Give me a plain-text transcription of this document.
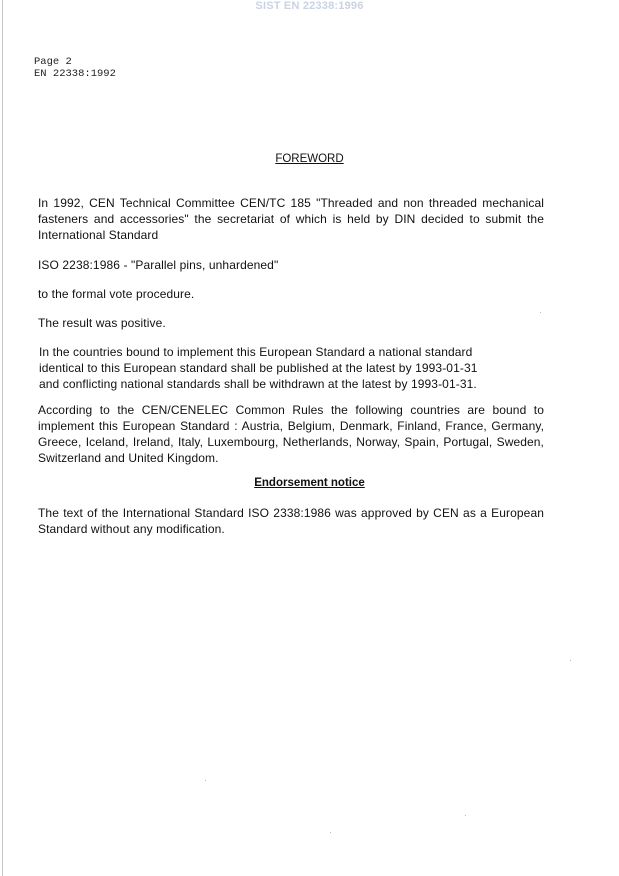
SIST EN 22338:1996
Page 2
EN 22338:1992
FOREWORD
In 1992, CEN Technical Committee CEN/TC 185 "Threaded and non threaded mechanical fasteners and accessories" the secretariat of which is held by DIN decided to submit the International Standard
ISO 2238:1986 - "Parallel pins, unhardened"
to the formal vote procedure.
The result was positive.
In the countries bound to implement this European Standard a national standard
identical to this European standard shall be published at the latest by 1993-01-31
and conflicting national standards shall be withdrawn at the latest by 1993-01-31.
According to the CEN/CENELEC Common Rules the following countries are bound to implement this European Standard : Austria, Belgium, Denmark, Finland, France, Germany, Greece, Iceland, Ireland, Italy, Luxembourg, Netherlands, Norway, Spain, Portugal, Sweden, Switzerland and United Kingdom.
Endorsement notice
The text of the International Standard ISO 2338:1986 was approved by CEN as a European Standard without any modification.
